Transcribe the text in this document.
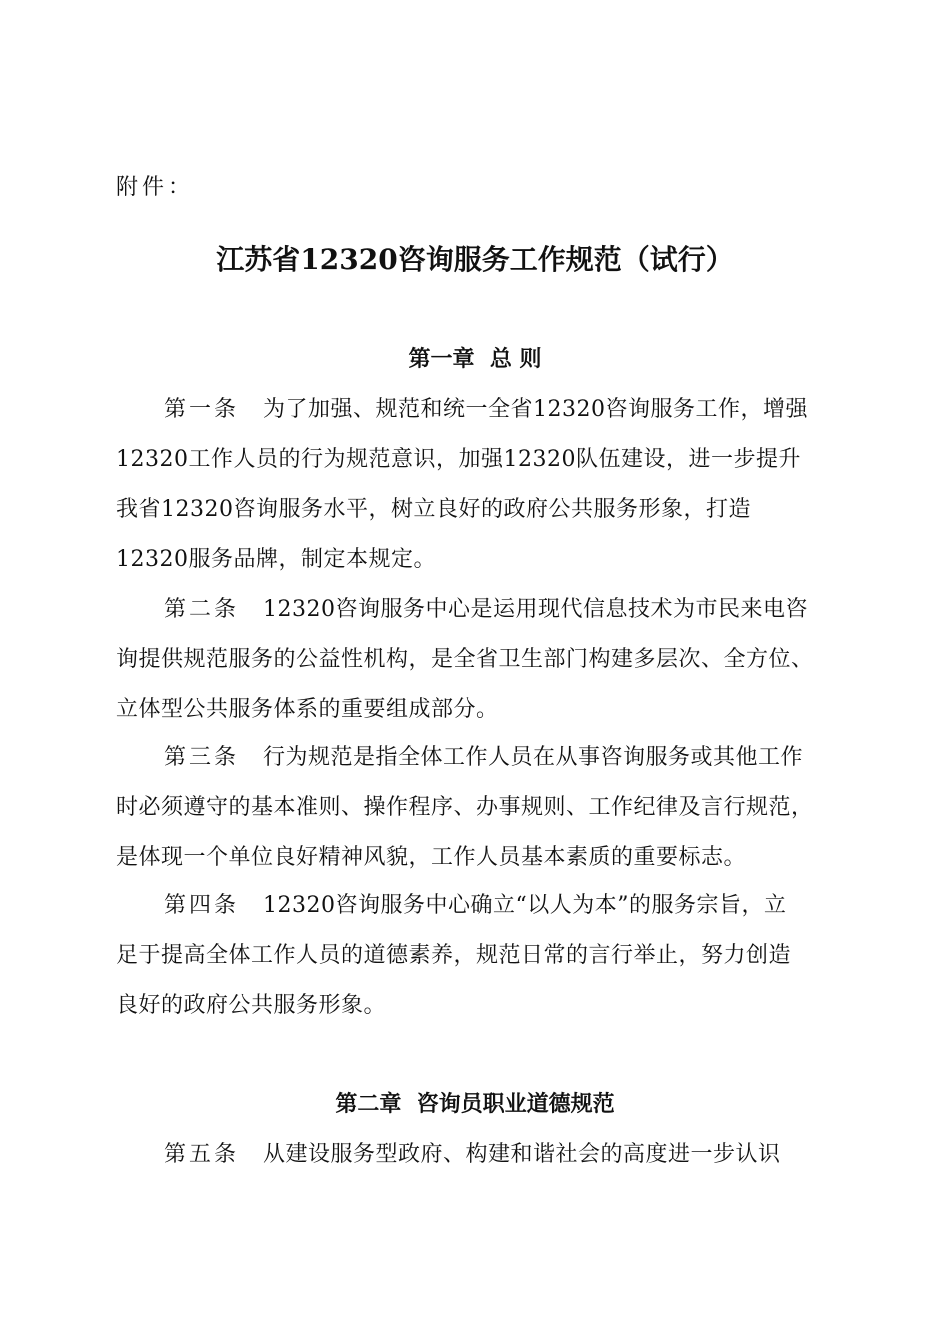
附件：
江苏省12320咨询服务工作规范（试行）
第一章  总 则
第一条 为了加强、规范和统一全省12320咨询服务工作，增强
12320工作人员的行为规范意识，加强12320队伍建设，进一步提升
我省12320咨询服务水平，树立良好的政府公共服务形象，打造
12320服务品牌，制定本规定。
第二条 12320咨询服务中心是运用现代信息技术为市民来电咨
询提供规范服务的公益性机构，是全省卫生部门构建多层次、全方位、
立体型公共服务体系的重要组成部分。
第三条 行为规范是指全体工作人员在从事咨询服务或其他工作
时必须遵守的基本准则、操作程序、办事规则、工作纪律及言行规范，
是体现一个单位良好精神风貌，工作人员基本素质的重要标志。
第四条 12320咨询服务中心确立“以人为本”的服务宗旨，立
足于提高全体工作人员的道德素养，规范日常的言行举止，努力创造
良好的政府公共服务形象。
第二章  咨询员职业道德规范
第五条 从建设服务型政府、构建和谐社会的高度进一步认识
